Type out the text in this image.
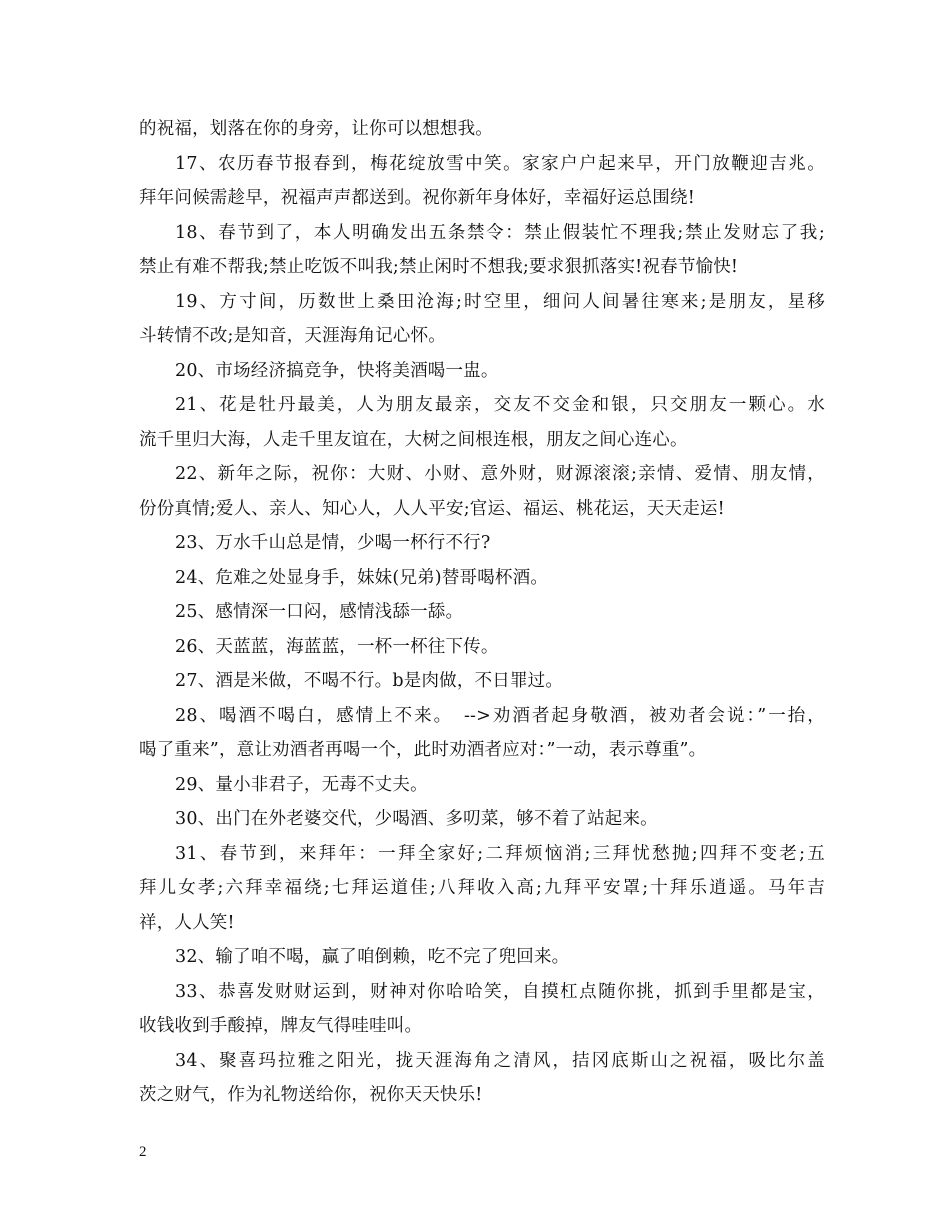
的祝福，划落在你的身旁，让你可以想想我。
17、农历春节报春到，梅花绽放雪中笑。家家户户起来早，开门放鞭迎吉兆。
拜年问候需趁早，祝福声声都送到。祝你新年身体好，幸福好运总围绕!
18、春节到了，本人明确发出五条禁令：禁止假装忙不理我;禁止发财忘了我;
禁止有难不帮我;禁止吃饭不叫我;禁止闲时不想我;要求狠抓落实!祝春节愉快!
19、方寸间，历数世上桑田沧海;时空里，细问人间暑往寒来;是朋友，星移
斗转情不改;是知音，天涯海角记心怀。
20、市场经济搞竞争，快将美酒喝一盅。
21、花是牡丹最美，人为朋友最亲，交友不交金和银，只交朋友一颗心。水
流千里归大海，人走千里友谊在，大树之间根连根，朋友之间心连心。
22、新年之际，祝你：大财、小财、意外财，财源滚滚;亲情、爱情、朋友情，
份份真情;爱人、亲人、知心人，人人平安;官运、福运、桃花运，天天走运!
23、万水千山总是情，少喝一杯行不行?
24、危难之处显身手，妹妹(兄弟)替哥喝杯酒。
25、感情深一口闷，感情浅舔一舔。
26、天蓝蓝，海蓝蓝，一杯一杯往下传。
27、酒是米做，不喝不行。b是肉做，不日罪过。
28、喝酒不喝白，感情上不来。　-->劝酒者起身敬酒，被劝者会说：”一抬，
喝了重来”，意让劝酒者再喝一个，此时劝酒者应对：”一动，表示尊重”。
29、量小非君子，无毒不丈夫。
30、出门在外老婆交代，少喝酒、多叨菜，够不着了站起来。
31、春节到，来拜年：一拜全家好;二拜烦恼消;三拜忧愁抛;四拜不变老;五
拜儿女孝;六拜幸福绕;七拜运道佳;八拜收入高;九拜平安罩;十拜乐逍遥。马年吉
祥，人人笑!
32、输了咱不喝，赢了咱倒赖，吃不完了兜回来。
33、恭喜发财财运到，财神对你哈哈笑，自摸杠点随你挑，抓到手里都是宝，
收钱收到手酸掉，牌友气得哇哇叫。
34、聚喜玛拉雅之阳光，拢天涯海角之清风，拮冈底斯山之祝福，吸比尔盖
茨之财气，作为礼物送给你，祝你天天快乐!
2
